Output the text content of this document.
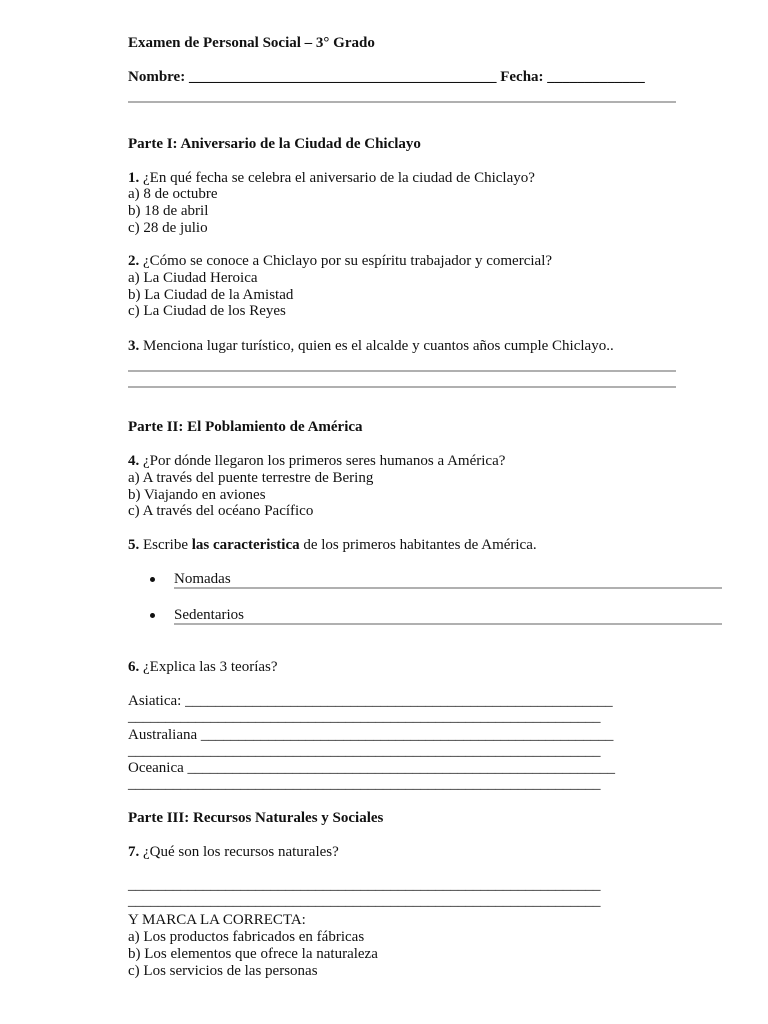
Examen de Personal Social – 3° Grado
Nombre: _________________________________________ Fecha: _____________
Parte I: Aniversario de la Ciudad de Chiclayo
1. ¿En qué fecha se celebra el aniversario de la ciudad de Chiclayo?
a) 8 de octubre
b) 18 de abril
c) 28 de julio
2. ¿Cómo se conoce a Chiclayo por su espíritu trabajador y comercial?
a) La Ciudad Heroica
b) La Ciudad de la Amistad
c) La Ciudad de los Reyes
3. Menciona lugar turístico, quien es el alcalde y cuantos años cumple Chiclayo..
Parte II: El Poblamiento de América
4. ¿Por dónde llegaron los primeros seres humanos a América?
a) A través del puente terrestre de Bering
b) Viajando en aviones
c) A través del océano Pacífico
5. Escribe las caracteristica de los primeros habitantes de América.
Nomadas
Sedentarios
6. ¿Explica las 3 teorías?
Asiatica: _________________________________________________________
_______________________________________________________________
Australiana _______________________________________________________
_______________________________________________________________
Oceanica _________________________________________________________
_______________________________________________________________
Parte III: Recursos Naturales y Sociales
7. ¿Qué son los recursos naturales?
_______________________________________________________________
_______________________________________________________________
Y MARCA LA CORRECTA:
a) Los productos fabricados en fábricas
b) Los elementos que ofrece la naturaleza
c) Los servicios de las personas
